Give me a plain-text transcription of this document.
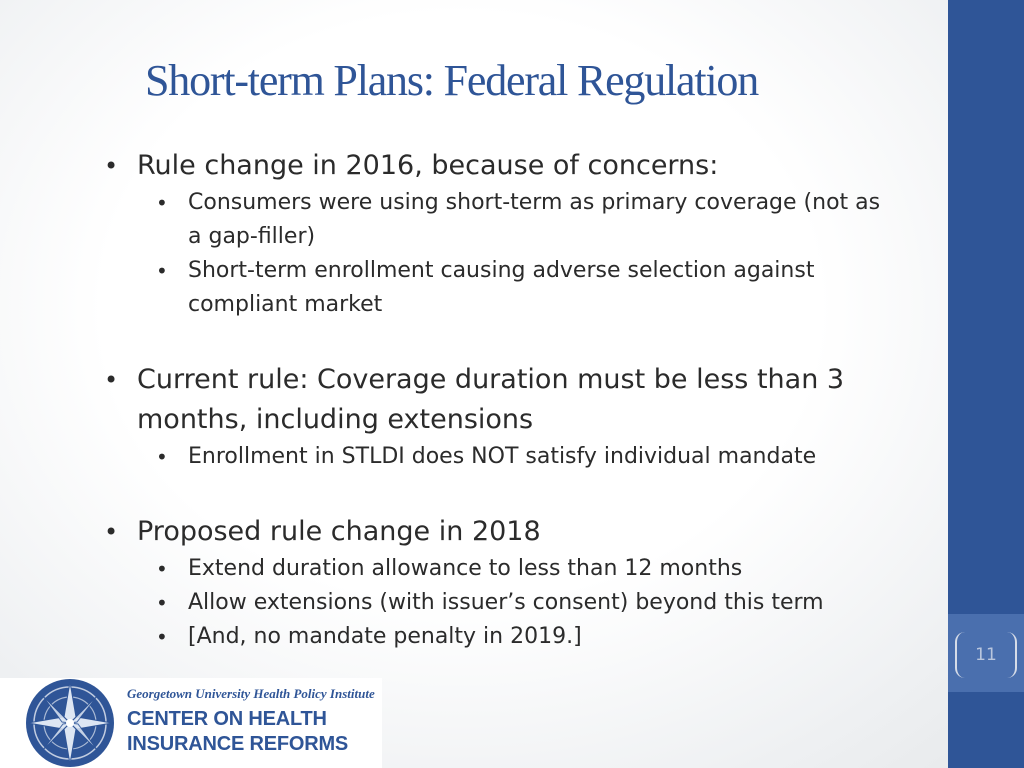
11
Short-term Plans: Federal Regulation
• Rule change in 2016, because of concerns:
• Consumers were using short-term as primary coverage (not as a gap-filler)
• Short-term enrollment causing adverse selection against compliant market
• Current rule: Coverage duration must be less than 3 months, including extensions
• Enrollment in STLDI does NOT satisfy individual mandate
• Proposed rule change in 2018
• Extend duration allowance to less than 12 months
• Allow extensions (with issuer’s consent) beyond this term
• [And, no mandate penalty in 2019.]
Georgetown University Health Policy Institute
CENTER ON HEALTH
INSURANCE REFORMS
